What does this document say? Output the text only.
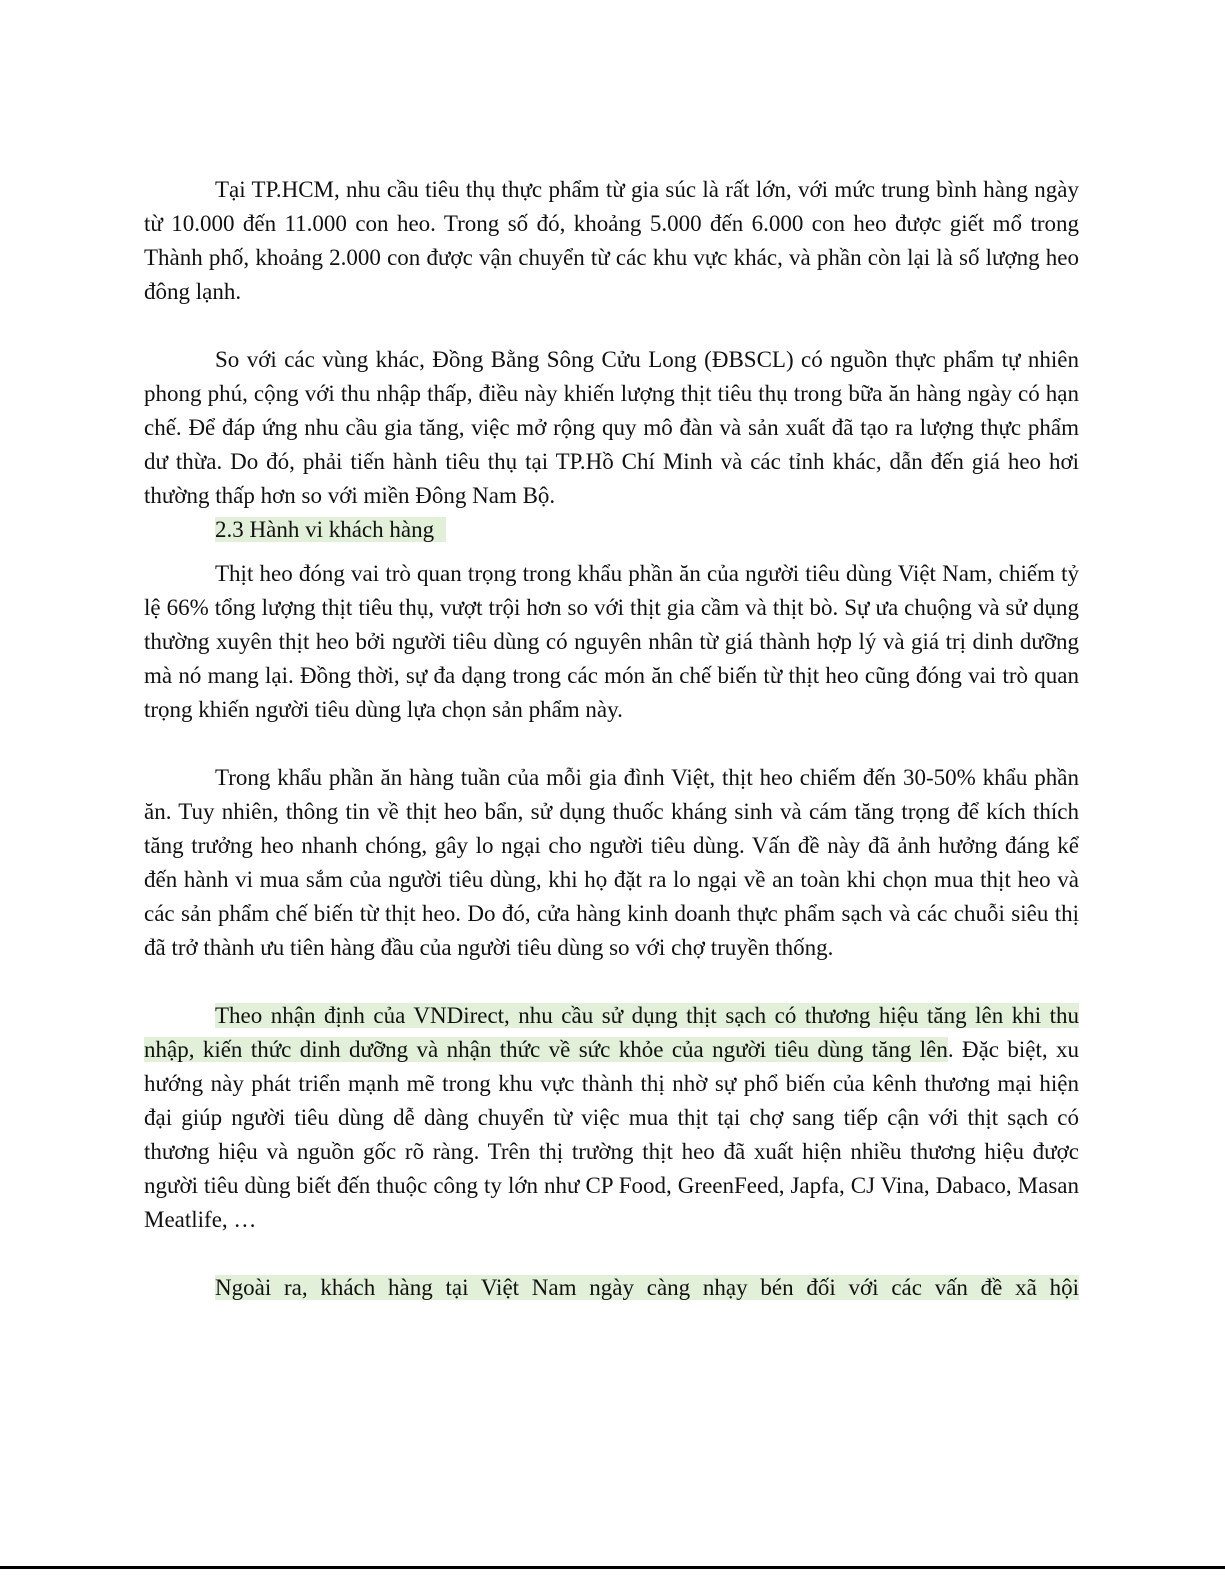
Tại TP.HCM, nhu cầu tiêu thụ thực phẩm từ gia súc là rất lớn, với mức trung bình hàng ngày từ 10.000 đến 11.000 con heo. Trong số đó, khoảng 5.000 đến 6.000 con heo được giết mổ trong Thành phố, khoảng 2.000 con được vận chuyển từ các khu vực khác, và phần còn lại là số lượng heo đông lạnh.

So với các vùng khác, Đồng Bằng Sông Cửu Long (ĐBSCL) có nguồn thực phẩm tự nhiên phong phú, cộng với thu nhập thấp, điều này khiến lượng thịt tiêu thụ trong bữa ăn hàng ngày có hạn chế. Để đáp ứng nhu cầu gia tăng, việc mở rộng quy mô đàn và sản xuất đã tạo ra lượng thực phẩm dư thừa. Do đó, phải tiến hành tiêu thụ tại TP.Hồ Chí Minh và các tỉnh khác, dẫn đến giá heo hơi thường thấp hơn so với miền Đông Nam Bộ.

2.3 Hành vi khách hàng

Thịt heo đóng vai trò quan trọng trong khẩu phần ăn của người tiêu dùng Việt Nam, chiếm tỷ lệ 66% tổng lượng thịt tiêu thụ, vượt trội hơn so với thịt gia cầm và thịt bò. Sự ưa chuộng và sử dụng thường xuyên thịt heo bởi người tiêu dùng có nguyên nhân từ giá thành hợp lý và giá trị dinh dưỡng mà nó mang lại. Đồng thời, sự đa dạng trong các món ăn chế biến từ thịt heo cũng đóng vai trò quan trọng khiến người tiêu dùng lựa chọn sản phẩm này.

Trong khẩu phần ăn hàng tuần của mỗi gia đình Việt, thịt heo chiếm đến 30-50% khẩu phần ăn. Tuy nhiên, thông tin về thịt heo bẩn, sử dụng thuốc kháng sinh và cám tăng trọng để kích thích tăng trưởng heo nhanh chóng, gây lo ngại cho người tiêu dùng. Vấn đề này đã ảnh hưởng đáng kể đến hành vi mua sắm của người tiêu dùng, khi họ đặt ra lo ngại về an toàn khi chọn mua thịt heo và các sản phẩm chế biến từ thịt heo. Do đó, cửa hàng kinh doanh thực phẩm sạch và các chuỗi siêu thị đã trở thành ưu tiên hàng đầu của người tiêu dùng so với chợ truyền thống.

Theo nhận định của VNDirect, nhu cầu sử dụng thịt sạch có thương hiệu tăng lên khi thu nhập, kiến thức dinh dưỡng và nhận thức về sức khỏe của người tiêu dùng tăng lên. Đặc biệt, xu hướng này phát triển mạnh mẽ trong khu vực thành thị nhờ sự phổ biến của kênh thương mại hiện đại giúp người tiêu dùng dễ dàng chuyển từ việc mua thịt tại chợ sang tiếp cận với thịt sạch có thương hiệu và nguồn gốc rõ ràng. Trên thị trường thịt heo đã xuất hiện nhiều thương hiệu được người tiêu dùng biết đến thuộc công ty lớn như CP Food, GreenFeed, Japfa, CJ Vina, Dabaco, Masan Meatlife, …

Ngoài ra, khách hàng tại Việt Nam ngày càng nhạy bén đối với các vấn đề xã hội
